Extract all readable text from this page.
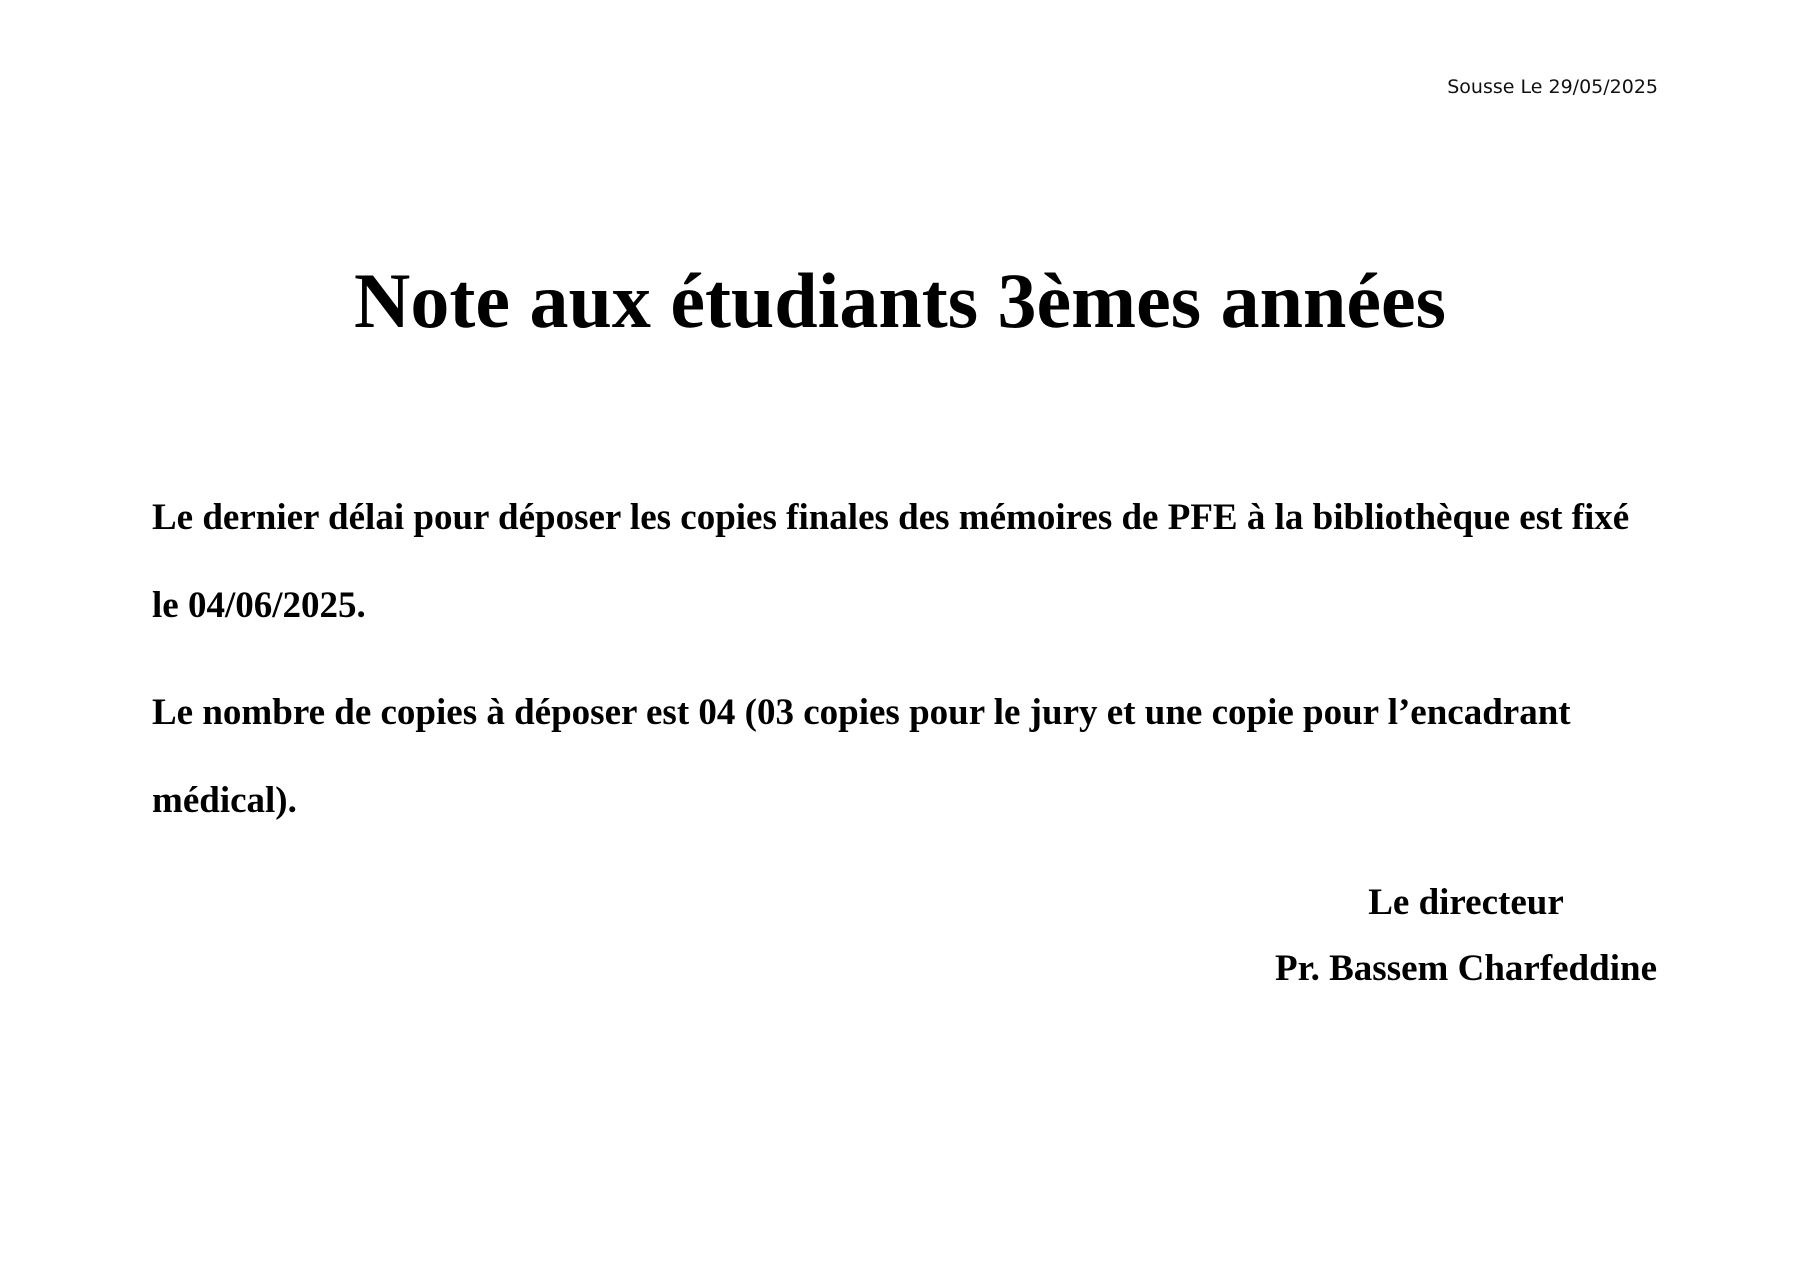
Sousse Le 29/05/2025
Note aux étudiants 3èmes années

Le dernier délai pour déposer les copies finales des mémoires de PFE à la bibliothèque est fixé le 04/06/2025.

Le nombre de copies à déposer est 04 (03 copies pour le jury et une copie pour l’encadrant médical).

Le directeur
Pr. Bassem Charfeddine
